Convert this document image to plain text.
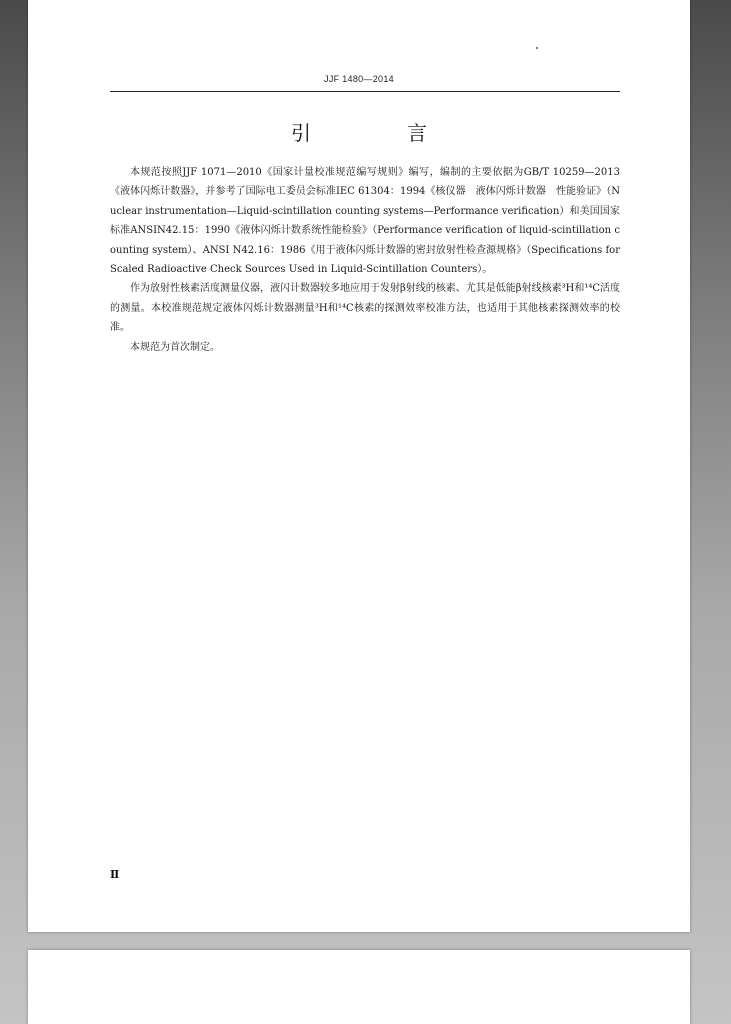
JJF 1480—2014
引　言

本规范按照JJF 1071—2010《国家计量校准规范编写规则》编写，编制的主要依据为GB/T 10259—2013《液体闪烁计数器》，并参考了国际电工委员会标准IEC 61304：1994《核仪器　液体闪烁计数器　性能验证》（Nuclear instrumentation—Liquid-scintillation counting systems—Performance verification）和美国国家标准ANSIN42.15：1990《液体闪烁计数系统性能检验》（Performance verification of liquid-scintillation counting system）、ANSI N42.16：1986《用于液体闪烁计数器的密封放射性检查源规格》（Specifications for Scaled Radioactive Check Sources Used in Liquid-Scintillation Counters）。

作为放射性核素活度测量仪器，液闪计数器较多地应用于发射β射线的核素、尤其是低能β射线核素³H和¹⁴C活度的测量。本校准规范规定液体闪烁计数器测量³H和¹⁴C核素的探测效率校准方法，也适用于其他核素探测效率的校准。

本规范为首次制定。

Ⅱ
